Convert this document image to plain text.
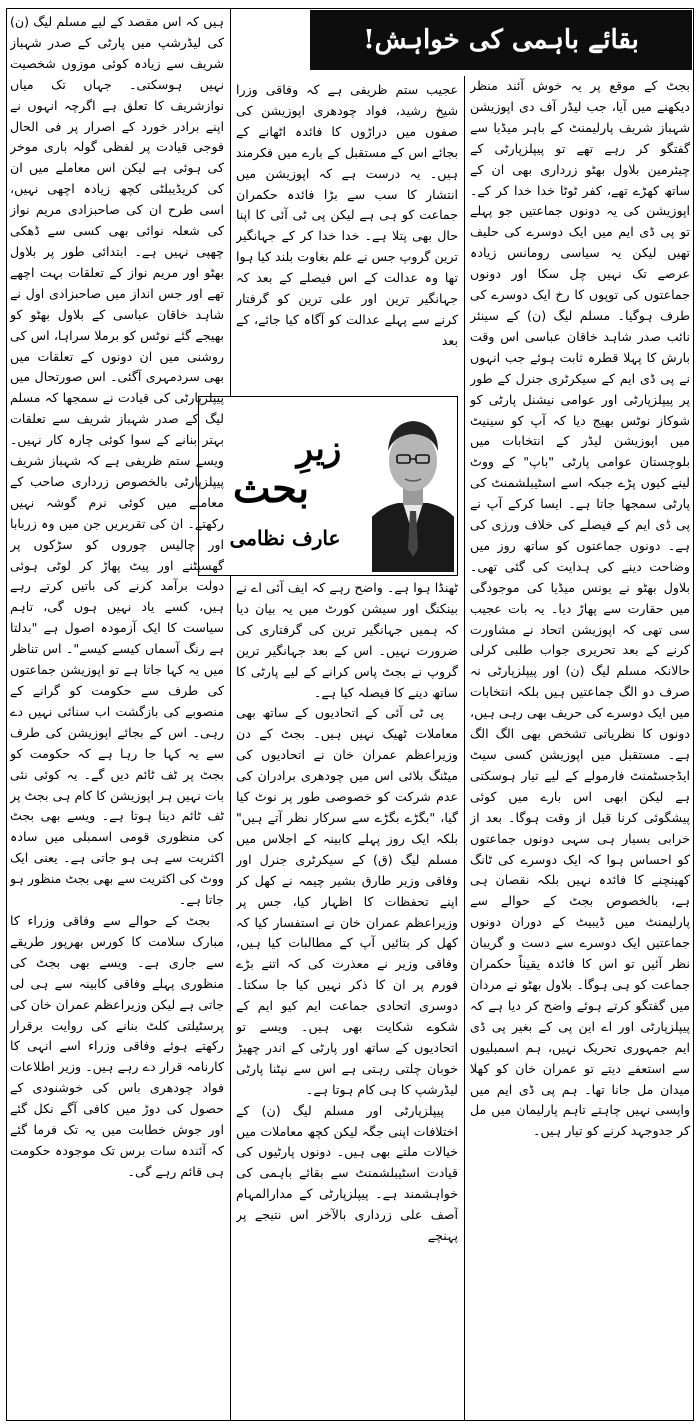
بقائے باہمی کی خواہش!

بجٹ کے موقع پر یہ خوش آئند منظر دیکھنے میں آیا، جب لیڈر آف دی اپوزیشن شہباز شریف پارلیمنٹ کے باہر میڈیا سے گفتگو کر رہے تھے تو پیپلزپارٹی کے چیئرمین بلاول بھٹو زرداری بھی ان کے ساتھ کھڑے تھے، کفر ٹوٹا خدا خدا کر کے۔ اپوزیشن کی یہ دونوں جماعتیں جو پہلے تو پی ڈی ایم میں ایک دوسرے کی حلیف تھیں لیکن یہ سیاسی رومانس زیادہ عرصے تک نہیں چل سکا اور دونوں جماعتوں کی توپوں کا رخ ایک دوسرے کی طرف ہوگیا۔ مسلم لیگ (ن) کے سینئر نائب صدر شاہد خاقان عباسی اس وقت بارش کا پہلا قطرہ ثابت ہوئے جب انہوں نے پی ڈی ایم کے سیکرٹری جنرل کے طور پر پیپلزپارٹی اور عوامی نیشنل پارٹی کو شوکاز نوٹس بھیج دیا کہ آپ کو سینیٹ میں اپوزیشن لیڈر کے انتخابات میں بلوچستان عوامی پارٹی "باپ" کے ووٹ لینے کیوں پڑے جبکہ اسے اسٹیبلشمنٹ کی پارٹی سمجھا جاتا ہے۔ ایسا کرکے آپ نے پی ڈی ایم کے فیصلے کی خلاف ورزی کی ہے۔ دونوں جماعتوں کو ساتھ روز میں وضاحت دینے کی ہدایت کی گئی تھی۔ بلاول بھٹو نے یونس میڈیا کی موجودگی میں حقارت سے پھاڑ دیا۔ یہ بات عجیب سی تھی کہ اپوزیشن اتحاد نے مشاورت کرنے کے بعد تحریری جواب طلبی کرلی حالانکہ مسلم لیگ (ن) اور پیپلزپارٹی نہ صرف دو الگ جماعتیں ہیں بلکہ انتخابات میں ایک دوسرے کی حریف بھی رہی ہیں، دونوں کا نظریاتی تشخص بھی الگ الگ ہے۔ مستقبل میں اپوزیشن کسی سیٹ ایڈجسٹمنٹ فارمولے کے لیے تیار ہوسکتی ہے لیکن ابھی اس بارے میں کوئی پیشگوئی کرنا قبل از وقت ہوگا۔ بعد از خرابی بسیار ہی سہی دونوں جماعتوں کو احساس ہوا کہ ایک دوسرے کی ٹانگ کھینچنے کا فائدہ نہیں بلکہ نقصان ہی ہے، بالخصوص بجٹ کے حوالے سے پارلیمنٹ میں ڈیبیٹ کے دوران دونوں جماعتیں ایک دوسرے سے دست و گریبان نظر آئیں تو اس کا فائدہ یقیناً حکمران جماعت کو ہی ہوگا۔ بلاول بھٹو نے مردان میں گفتگو کرتے ہوئے واضح کر دیا ہے کہ پیپلزپارٹی اور اے این پی کے بغیر پی ڈی ایم جمہوری تحریک نہیں، ہم اسمبلیوں سے استعفے دیتے تو عمران خان کو کھلا میدان مل جانا تھا۔ ہم پی ڈی ایم میں واپسی نہیں چاہتے تاہم پارلیمان میں مل کر جدوجہد کرنے کو تیار ہیں۔

عجیب ستم ظریفی ہے کہ وفاقی وزرا شیخ رشید، فواد چودھری اپوزیشن کی صفوں میں دراڑوں کا فائدہ اٹھانے کے بجائے اس کے مستقبل کے بارے میں فکرمند ہیں۔ یہ درست ہے کہ اپوزیشن میں انتشار کا سب سے بڑا فائدہ حکمران جماعت کو ہی ہے لیکن پی ٹی آئی کا اپنا حال بھی پتلا ہے۔ خدا خدا کر کے جہانگیر ترین گروپ جس نے علم بغاوت بلند کیا ہوا تھا وہ عدالت کے اس فیصلے کے بعد کہ جہانگیر ترین اور علی ترین کو گرفتار کرنے سے پہلے عدالت کو آگاہ کیا جائے، کے بعد

زیرِ
بحث
عارف نظامی

ٹھنڈا ہوا ہے۔ واضح رہے کہ ایف آئی اے نے بینکنگ اور سیشن کورٹ میں یہ بیان دیا کہ ہمیں جہانگیر ترین کی گرفتاری کی ضرورت نہیں۔ اس کے بعد جہانگیر ترین گروپ نے بجٹ پاس کرانے کے لیے پارٹی کا ساتھ دینے کا فیصلہ کیا ہے۔

پی ٹی آئی کے اتحادیوں کے ساتھ بھی معاملات ٹھیک نہیں ہیں۔ بجٹ کے دن وزیراعظم عمران خان نے اتحادیوں کی میٹنگ بلائی اس میں چودھری برادران کی عدم شرکت کو خصوصی طور پر نوٹ کیا گیا، "بگڑے بگڑے سے سرکار نظر آتے ہیں" بلکہ ایک روز پہلے کابینہ کے اجلاس میں مسلم لیگ (ق) کے سیکرٹری جنرل اور وفاقی وزیر طارق بشیر چیمہ نے کھل کر اپنے تحفظات کا اظہار کیا، جس پر وزیراعظم عمران خان نے استفسار کیا کہ کھل کر بتائیں آپ کے مطالبات کیا ہیں، وفاقی وزیر نے معذرت کی کہ اتنے بڑے فورم پر ان کا ذکر نہیں کیا جا سکتا۔ دوسری اتحادی جماعت ایم کیو ایم کے شکوے شکایت بھی ہیں۔ ویسے تو اتحادیوں کے ساتھ اور پارٹی کے اندر چھیڑ خوبان چلتی رہتی ہے اس سے نپٹنا پارٹی لیڈرشپ کا ہی کام ہوتا ہے۔

پیپلزپارٹی اور مسلم لیگ (ن) کے اختلافات اپنی جگہ لیکن کچھ معاملات میں خیالات ملتے بھی ہیں۔ دونوں پارٹیوں کی قیادت اسٹیبلشمنٹ سے بقائے باہمی کی خواہشمند ہے۔ پیپلزپارٹی کے مدارالمہام آصف علی زرداری بالآخر اس نتیجے پر پہنچے

ہیں کہ اس مقصد کے لیے مسلم لیگ (ن) کی لیڈرشپ میں پارٹی کے صدر شہباز شریف سے زیادہ کوئی موزوں شخصیت نہیں ہوسکتی۔ جہاں تک میاں نوازشریف کا تعلق ہے اگرچہ انہوں نے اپنے برادر خورد کے اصرار پر فی الحال فوجی قیادت پر لفظی گولہ باری موخر کی ہوئی ہے لیکن اس معاملے میں ان کی کریڈیبلٹی کچھ زیادہ اچھی نہیں، اسی طرح ان کی صاحبزادی مریم نواز کی شعلہ نوائی بھی کسی سے ڈھکی چھپی نہیں ہے۔ ابتدائی طور پر بلاول بھٹو اور مریم نواز کے تعلقات بہت اچھے تھے اور جس انداز میں صاحبزادی اول نے شاہد خاقان عباسی کے بلاول بھٹو کو بھیجے گئے نوٹس کو برملا سراہا، اس کی روشنی میں ان دونوں کے تعلقات میں بھی سردمہری آگئی۔ اس صورتحال میں پیپلزپارٹی کی قیادت نے سمجھا کہ مسلم لیگ کے صدر شہباز شریف سے تعلقات بہتر بنانے کے سوا کوئی چارہ کار نہیں۔ ویسے ستم ظریفی ہے کہ شہباز شریف پیپلزپارٹی بالخصوص زرداری صاحب کے معاملے میں کوئی نرم گوشہ نہیں رکھتے۔ ان کی تقریریں جن میں وہ زربابا اور چالیس چوروں کو سڑکوں پر گھسیٹنے اور پیٹ پھاڑ کر لوٹی ہوئی دولت برآمد کرنے کی باتیں کرتے رہے ہیں، کسے یاد نہیں ہوں گی، تاہم سیاست کا ایک آزمودہ اصول ہے "بدلتا ہے رنگ آسماں کیسے کیسے"۔ اس تناظر میں یہ کہا جاتا ہے تو اپوزیشن جماعتوں کی طرف سے حکومت کو گرانے کے منصوبے کی بازگشت اب سنائی نہیں دے رہی۔ اس کے بجائے اپوزیشن کی طرف سے یہ کہا جا رہا ہے کہ حکومت کو بجٹ پر ٹف ٹائم دیں گے۔ یہ کوئی نئی بات نہیں ہر اپوزیشن کا کام ہی بجٹ پر ٹف ٹائم دینا ہوتا ہے۔ ویسے بھی بجٹ کی منظوری قومی اسمبلی میں سادہ اکثریت سے ہی ہو جاتی ہے۔ یعنی ایک ووٹ کی اکثریت سے بھی بجٹ منظور ہو جاتا ہے۔

بجٹ کے حوالے سے وفاقی وزراء کا مبارک سلامت کا کورس بھرپور طریقے سے جاری ہے۔ ویسے بھی بجٹ کی منظوری پہلے وفاقی کابینہ سے ہی لی جاتی ہے لیکن وزیراعظم عمران خان کی پرسٹیلتی کلٹ بنانے کی روایت برقرار رکھتے ہوئے وفاقی وزراء اسے انہی کا کارنامہ قرار دے رہے ہیں۔ وزیر اطلاعات فواد چودھری باس کی خوشنودی کے حصول کی دوڑ میں کافی آگے نکل گئے اور جوش خطابت میں یہ تک فرما گئے کہ آئندہ سات برس تک موجودہ حکومت ہی قائم رہے گی۔
